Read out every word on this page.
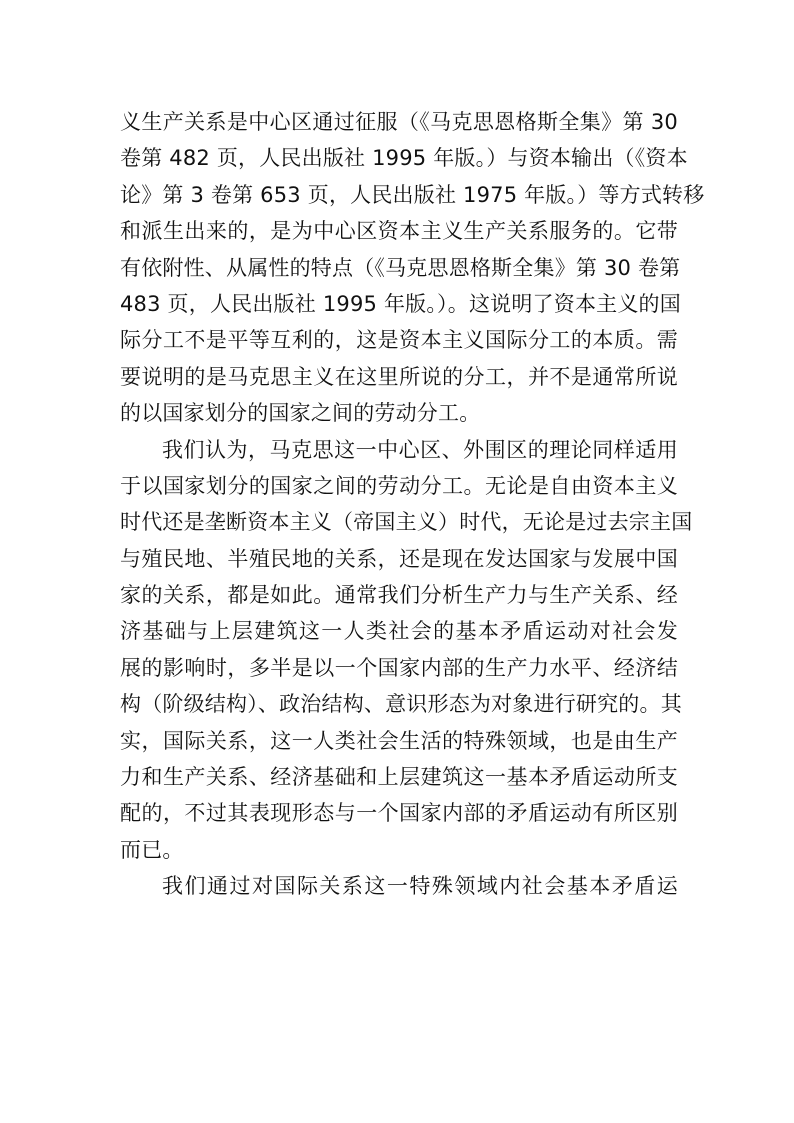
义生产关系是中心区通过征服（《马克思恩格斯全集》第 30
卷第 482 页，人民出版社 1995 年版。）与资本输出（《资本
论》第 3 卷第 653 页，人民出版社 1975 年版。）等方式转移
和派生出来的，是为中心区资本主义生产关系服务的。它带
有依附性、从属性的特点（《马克思恩格斯全集》第 30 卷第
483 页，人民出版社 1995 年版。）。这说明了资本主义的国
际分工不是平等互利的，这是资本主义国际分工的本质。需
要说明的是马克思主义在这里所说的分工，并不是通常所说
的以国家划分的国家之间的劳动分工。
我们认为，马克思这一中心区、外围区的理论同样适用
于以国家划分的国家之间的劳动分工。无论是自由资本主义
时代还是垄断资本主义（帝国主义）时代，无论是过去宗主国
与殖民地、半殖民地的关系，还是现在发达国家与发展中国
家的关系，都是如此。通常我们分析生产力与生产关系、经
济基础与上层建筑这一人类社会的基本矛盾运动对社会发
展的影响时，多半是以一个国家内部的生产力水平、经济结
构（阶级结构）、政治结构、意识形态为对象进行研究的。其
实，国际关系，这一人类社会生活的特殊领域，也是由生产
力和生产关系、经济基础和上层建筑这一基本矛盾运动所支
配的，不过其表现形态与一个国家内部的矛盾运动有所区别
而已。
我们通过对国际关系这一特殊领域内社会基本矛盾运
